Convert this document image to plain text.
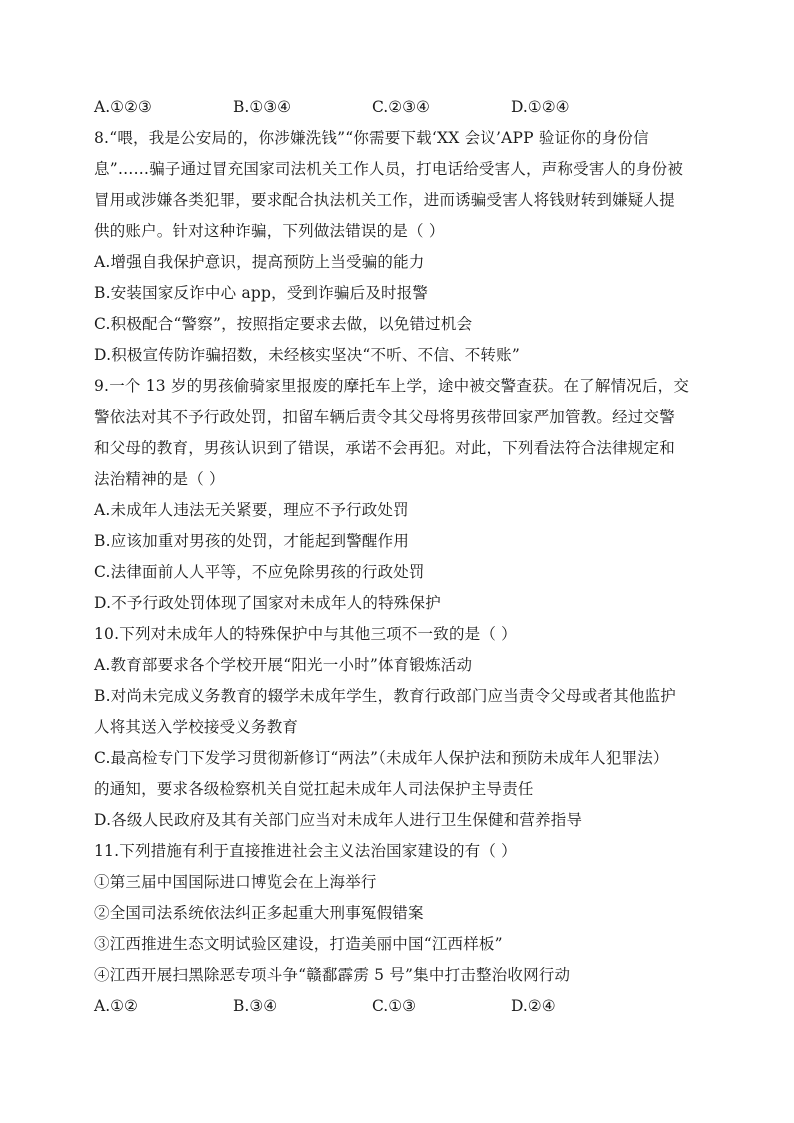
A.①②③	B.①③④	C.②③④	D.①②④
8.“喂，我是公安局的，你涉嫌洗钱”“你需要下载‘XX 会议’APP 验证你的身份信
息”……骗子通过冒充国家司法机关工作人员，打电话给受害人，声称受害人的身份被
冒用或涉嫌各类犯罪，要求配合执法机关工作，进而诱骗受害人将钱财转到嫌疑人提
供的账户。针对这种诈骗，下列做法错误的是（ ）
A.增强自我保护意识，提高预防上当受骗的能力
B.安装国家反诈中心 app，受到诈骗后及时报警
C.积极配合“警察”，按照指定要求去做，以免错过机会
D.积极宣传防诈骗招数，未经核实坚决“不听、不信、不转账”
9.一个 13 岁的男孩偷骑家里报废的摩托车上学，途中被交警查获。在了解情况后，交
警依法对其不予行政处罚，扣留车辆后责令其父母将男孩带回家严加管教。经过交警
和父母的教育，男孩认识到了错误，承诺不会再犯。对此，下列看法符合法律规定和
法治精神的是（ ）
A.未成年人违法无关紧要，理应不予行政处罚
B.应该加重对男孩的处罚，才能起到警醒作用
C.法律面前人人平等，不应免除男孩的行政处罚
D.不予行政处罚体现了国家对未成年人的特殊保护
10.下列对未成年人的特殊保护中与其他三项不一致的是（ ）
A.教育部要求各个学校开展“阳光一小时”体育锻炼活动
B.对尚未完成义务教育的辍学未成年学生，教育行政部门应当责令父母或者其他监护
人将其送入学校接受义务教育
C.最高检专门下发学习贯彻新修订“两法”（未成年人保护法和预防未成年人犯罪法）
的通知，要求各级检察机关自觉扛起未成年人司法保护主导责任
D.各级人民政府及其有关部门应当对未成年人进行卫生保健和营养指导
11.下列措施有利于直接推进社会主义法治国家建设的有（ ）
①第三届中国国际进口博览会在上海举行
②全国司法系统依法纠正多起重大刑事冤假错案
③江西推进生态文明试验区建设，打造美丽中国“江西样板”
④江西开展扫黑除恶专项斗争“赣鄱霹雳 5 号”集中打击整治收网行动
A.①②	B.③④	C.①③	D.②④
